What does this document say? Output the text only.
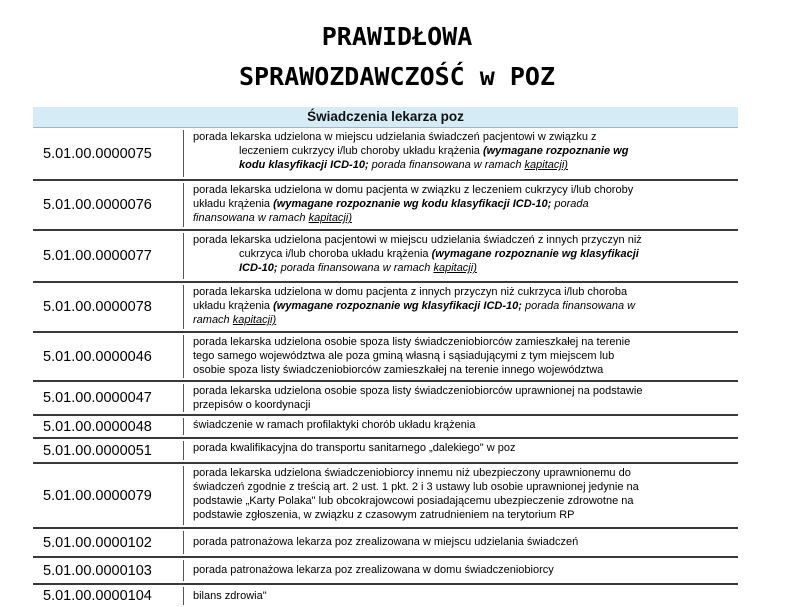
PRAWIDŁOWA
SPRAWOZDAWCZOŚĆ w POZ
Świadczenia lekarza poz
5.01.00.0000075
porada lekarska udzielona w miejscu udzielania świadczeń pacjentowi w związku z
leczeniem cukrzycy i/lub choroby układu krążenia (wymagane rozpoznanie wg
kodu klasyfikacji ICD-10; porada finansowana w ramach kapitacji)
5.01.00.0000076
porada lekarska udzielona w domu pacjenta w związku z leczeniem cukrzycy i/lub choroby
układu krążenia (wymagane rozpoznanie wg kodu klasyfikacji ICD-10; porada
finansowana w ramach kapitacji)
5.01.00.0000077
porada lekarska udzielona pacjentowi w miejscu udzielania świadczeń z innych przyczyn niż
cukrzyca i/lub choroba układu krążenia (wymagane rozpoznanie wg klasyfikacji
ICD-10; porada finansowana w ramach kapitacji)
5.01.00.0000078
porada lekarska udzielona w domu pacjenta z innych przyczyn niż cukrzyca i/lub choroba
układu krążenia (wymagane rozpoznanie wg klasyfikacji ICD-10; porada finansowana w
ramach kapitacji)
5.01.00.0000046
porada lekarska udzielona osobie spoza listy świadczeniobiorców zamieszkałej na terenie
tego samego województwa ale poza gminą własną i sąsiadującymi z tym miejscem lub
osobie spoza listy świadczeniobiorców zamieszkałej na terenie innego województwa
5.01.00.0000047	porada lekarska udzielona osobie spoza listy świadczeniobiorców uprawnionej na podstawie
przepisów o koordynacji
5.01.00.0000048	świadczenie w ramach profilaktyki chorób układu krążenia
5.01.00.0000051	porada kwalifikacyjna do transportu sanitarnego „dalekiego" w poz
5.01.00.0000079
porada lekarska udzielona świadczeniobiorcy innemu niż ubezpieczony uprawnionemu do
świadczeń zgodnie z treścią art. 2 ust. 1 pkt. 2 i 3 ustawy lub osobie uprawnionej jedynie na
podstawie „Karty Polaka" lub obcokrajowcowi posiadającemu ubezpieczenie zdrowotne na
podstawie zgłoszenia, w związku z czasowym zatrudnieniem na terytorium RP
5.01.00.0000102	porada patronażowa lekarza poz zrealizowana w miejscu udzielania świadczeń
5.01.00.0000103	porada patronażowa lekarza poz zrealizowana w domu świadczeniobiorcy
5.01.00.0000104	bilans zdrowia"
